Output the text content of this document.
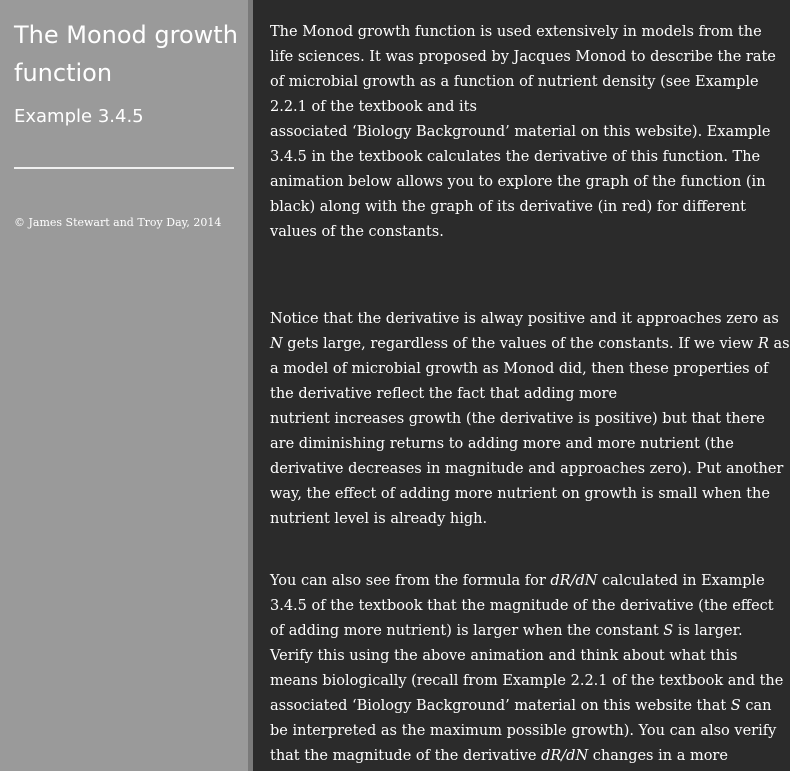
The Monod growth
function
Example 3.4.5

© James Stewart and Troy Day, 2014

The Monod growth function is used extensively in models from the
life sciences. It was proposed by Jacques Monod to describe the rate
of microbial growth as a function of nutrient density (see Example
2.2.1 of the textbook and its
associated ‘Biology Background’ material on this website). Example
3.4.5 in the textbook calculates the derivative of this function. The
animation below allows you to explore the graph of the function (in
black) along with the graph of its derivative (in red) for different
values of the constants.

Notice that the derivative is alway positive and it approaches zero as
N gets large, regardless of the values of the constants. If we view R as
a model of microbial growth as Monod did, then these properties of
the derivative reflect the fact that adding more
nutrient increases growth (the derivative is positive) but that there
are diminishing returns to adding more and more nutrient (the
derivative decreases in magnitude and approaches zero). Put another
way, the effect of adding more nutrient on growth is small when the
nutrient level is already high.

You can also see from the formula for dR/dN calculated in Example
3.4.5 of the textbook that the magnitude of the derivative (the effect
of adding more nutrient) is larger when the constant S is larger.
Verify this using the above animation and think about what this
means biologically (recall from Example 2.2.1 of the textbook and the
associated ‘Biology Background’ material on this website that S can
be interpreted as the maximum possible growth). You can also verify
that the magnitude of the derivative dR/dN changes in a more
